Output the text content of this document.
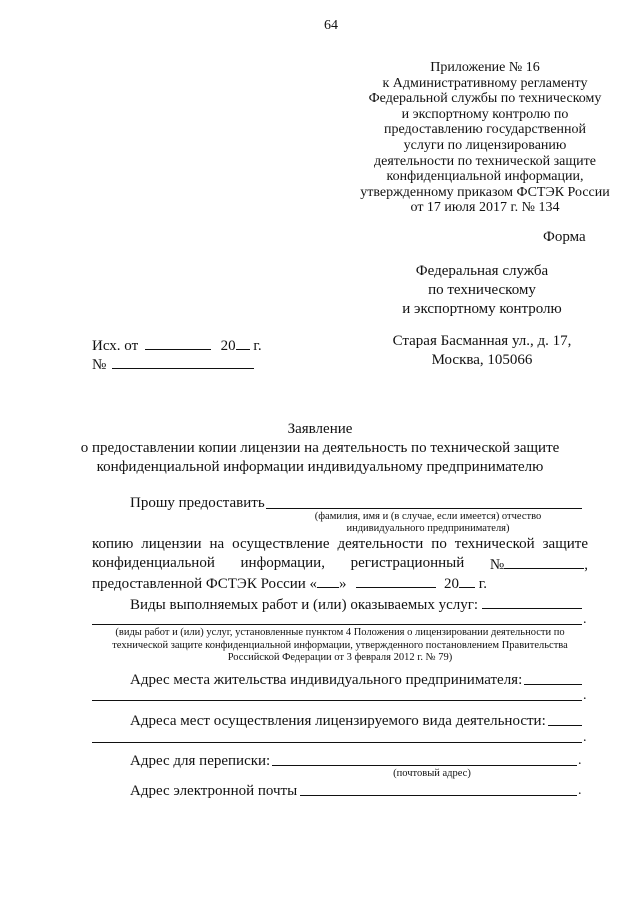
64
Приложение № 16
к Административному регламенту
Федеральной службы по техническому
и экспортному контролю по
предоставлению государственной
услуги по лицензированию
деятельности по технической защите
конфиденциальной информации,
утвержденному приказом ФСТЭК России
от 17 июля 2017 г. № 134
Форма
Федеральная служба
по техническому
и экспортному контролю
Старая Басманная ул., д. 17,
Москва, 105066
Исх. от	20 г.
№
Заявление
о предоставлении копии лицензии на деятельность по технической защите
конфиденциальной информации индивидуальному предпринимателю
Прошу предоставить
(фамилия, имя и (в случае, если имеется) отчество
индивидуального предпринимателя)
копию лицензии на осуществление деятельности по технической защите
конфиденциальной информации, регистрационный №	,
предоставленной ФСТЭК России « »	20 г.
Виды выполняемых работ и (или) оказываемых услуг:
.
(виды работ и (или) услуг, установленные пунктом 4 Положения о лицензировании деятельности по
технической защите конфиденциальной информации, утвержденного постановлением Правительства
Российской Федерации от 3 февраля 2012 г. № 79)
Адрес места жительства индивидуального предпринимателя:
.
Адреса мест осуществления лицензируемого вида деятельности:
.
Адрес для переписки:	.
(почтовый адрес)
Адрес электронной почты	.
